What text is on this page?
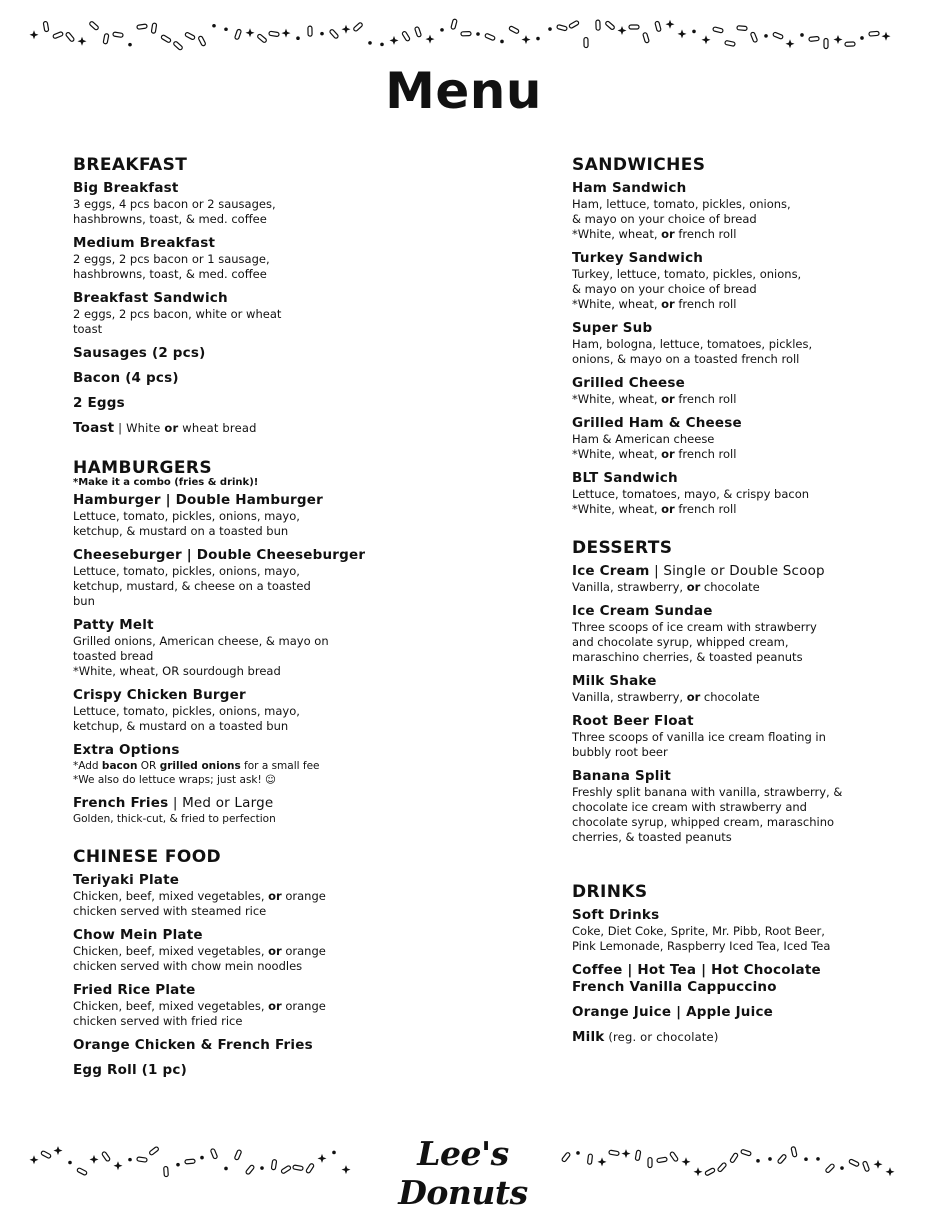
Menu
BREAKFAST
Big Breakfast
3 eggs, 4 pcs bacon or 2 sausages,
hashbrowns, toast, & med. coffee
Medium Breakfast
2 eggs, 2 pcs bacon or 1 sausage,
hashbrowns, toast, & med. coffee
Breakfast Sandwich
2 eggs, 2 pcs bacon, white or wheat
toast
Sausages (2 pcs)
Bacon (4 pcs)
2 Eggs
Toast | White or wheat bread
HAMBURGERS
*Make it a combo (fries & drink)!
Hamburger | Double Hamburger
Lettuce, tomato, pickles, onions, mayo,
ketchup, & mustard on a toasted bun
Cheeseburger | Double Cheeseburger
Lettuce, tomato, pickles, onions, mayo,
ketchup, mustard, & cheese on a toasted
bun
Patty Melt
Grilled onions, American cheese, & mayo on
toasted bread
*White, wheat, OR sourdough bread
Crispy Chicken Burger
Lettuce, tomato, pickles, onions, mayo,
ketchup, & mustard on a toasted bun
Extra Options
*Add bacon OR grilled onions for a small fee
*We also do lettuce wraps; just ask! ☺
French Fries | Med or Large
Golden, thick-cut, & fried to perfection
CHINESE FOOD
Teriyaki Plate
Chicken, beef, mixed vegetables, or orange
chicken served with steamed rice
Chow Mein Plate
Chicken, beef, mixed vegetables, or orange
chicken served with chow mein noodles
Fried Rice Plate
Chicken, beef, mixed vegetables, or orange
chicken served with fried rice
Orange Chicken & French Fries
Egg Roll (1 pc)
SANDWICHES
Ham Sandwich
Ham, lettuce, tomato, pickles, onions,
& mayo on your choice of bread
*White, wheat, or french roll
Turkey Sandwich
Turkey, lettuce, tomato, pickles, onions,
& mayo on your choice of bread
*White, wheat, or french roll
Super Sub
Ham, bologna, lettuce, tomatoes, pickles,
onions, & mayo on a toasted french roll
Grilled Cheese
*White, wheat, or french roll
Grilled Ham & Cheese
Ham & American cheese
*White, wheat, or french roll
BLT Sandwich
Lettuce, tomatoes, mayo, & crispy bacon
*White, wheat, or french roll
DESSERTS
Ice Cream | Single or Double Scoop
Vanilla, strawberry, or chocolate
Ice Cream Sundae
Three scoops of ice cream with strawberry
and chocolate syrup, whipped cream,
maraschino cherries, & toasted peanuts
Milk Shake
Vanilla, strawberry, or chocolate
Root Beer Float
Three scoops of vanilla ice cream floating in
bubbly root beer
Banana Split
Freshly split banana with vanilla, strawberry, &
chocolate ice cream with strawberry and
chocolate syrup, whipped cream, maraschino
cherries, & toasted peanuts
DRINKS
Soft Drinks
Coke, Diet Coke, Sprite, Mr. Pibb, Root Beer,
Pink Lemonade, Raspberry Iced Tea, Iced Tea
Coffee | Hot Tea | Hot Chocolate
French Vanilla Cappuccino
Orange Juice | Apple Juice
Milk (reg. or chocolate)
Lee's Donuts
